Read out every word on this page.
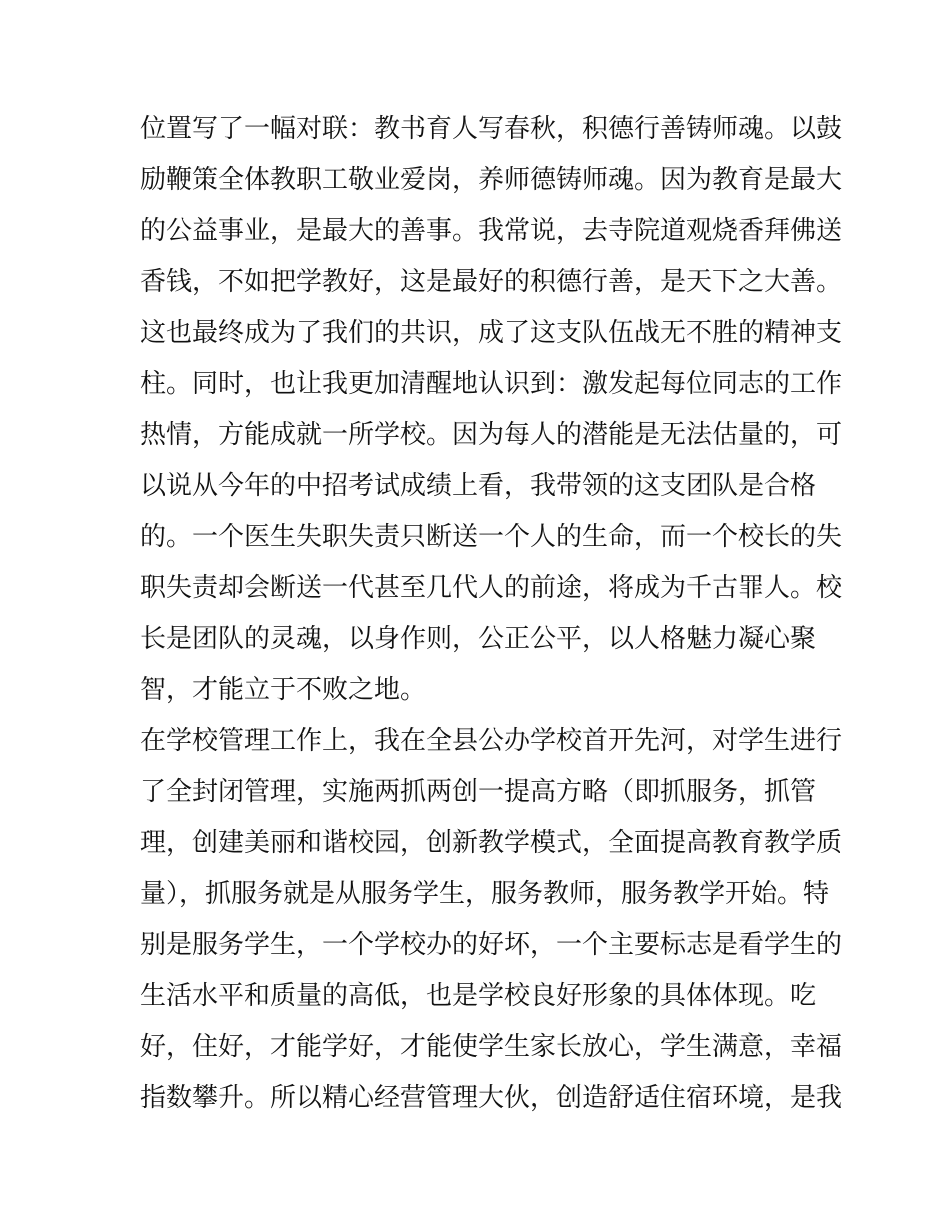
位置写了一幅对联：教书育人写春秋，积德行善铸师魂。以鼓
励鞭策全体教职工敬业爱岗，养师德铸师魂。因为教育是最大
的公益事业，是最大的善事。我常说，去寺院道观烧香拜佛送
香钱，不如把学教好，这是最好的积德行善，是天下之大善。
这也最终成为了我们的共识，成了这支队伍战无不胜的精神支
柱。同时，也让我更加清醒地认识到：激发起每位同志的工作
热情，方能成就一所学校。因为每人的潜能是无法估量的，可
以说从今年的中招考试成绩上看，我带领的这支团队是合格
的。一个医生失职失责只断送一个人的生命，而一个校长的失
职失责却会断送一代甚至几代人的前途，将成为千古罪人。校
长是团队的灵魂，以身作则，公正公平，以人格魅力凝心聚
智，才能立于不败之地。
在学校管理工作上，我在全县公办学校首开先河，对学生进行
了全封闭管理，实施两抓两创一提高方略（即抓服务，抓管
理，创建美丽和谐校园，创新教学模式，全面提高教育教学质
量），抓服务就是从服务学生，服务教师，服务教学开始。特
别是服务学生，一个学校办的好坏，一个主要标志是看学生的
生活水平和质量的高低，也是学校良好形象的具体体现。吃
好，住好，才能学好，才能使学生家长放心，学生满意，幸福
指数攀升。所以精心经营管理大伙，创造舒适住宿环境，是我
